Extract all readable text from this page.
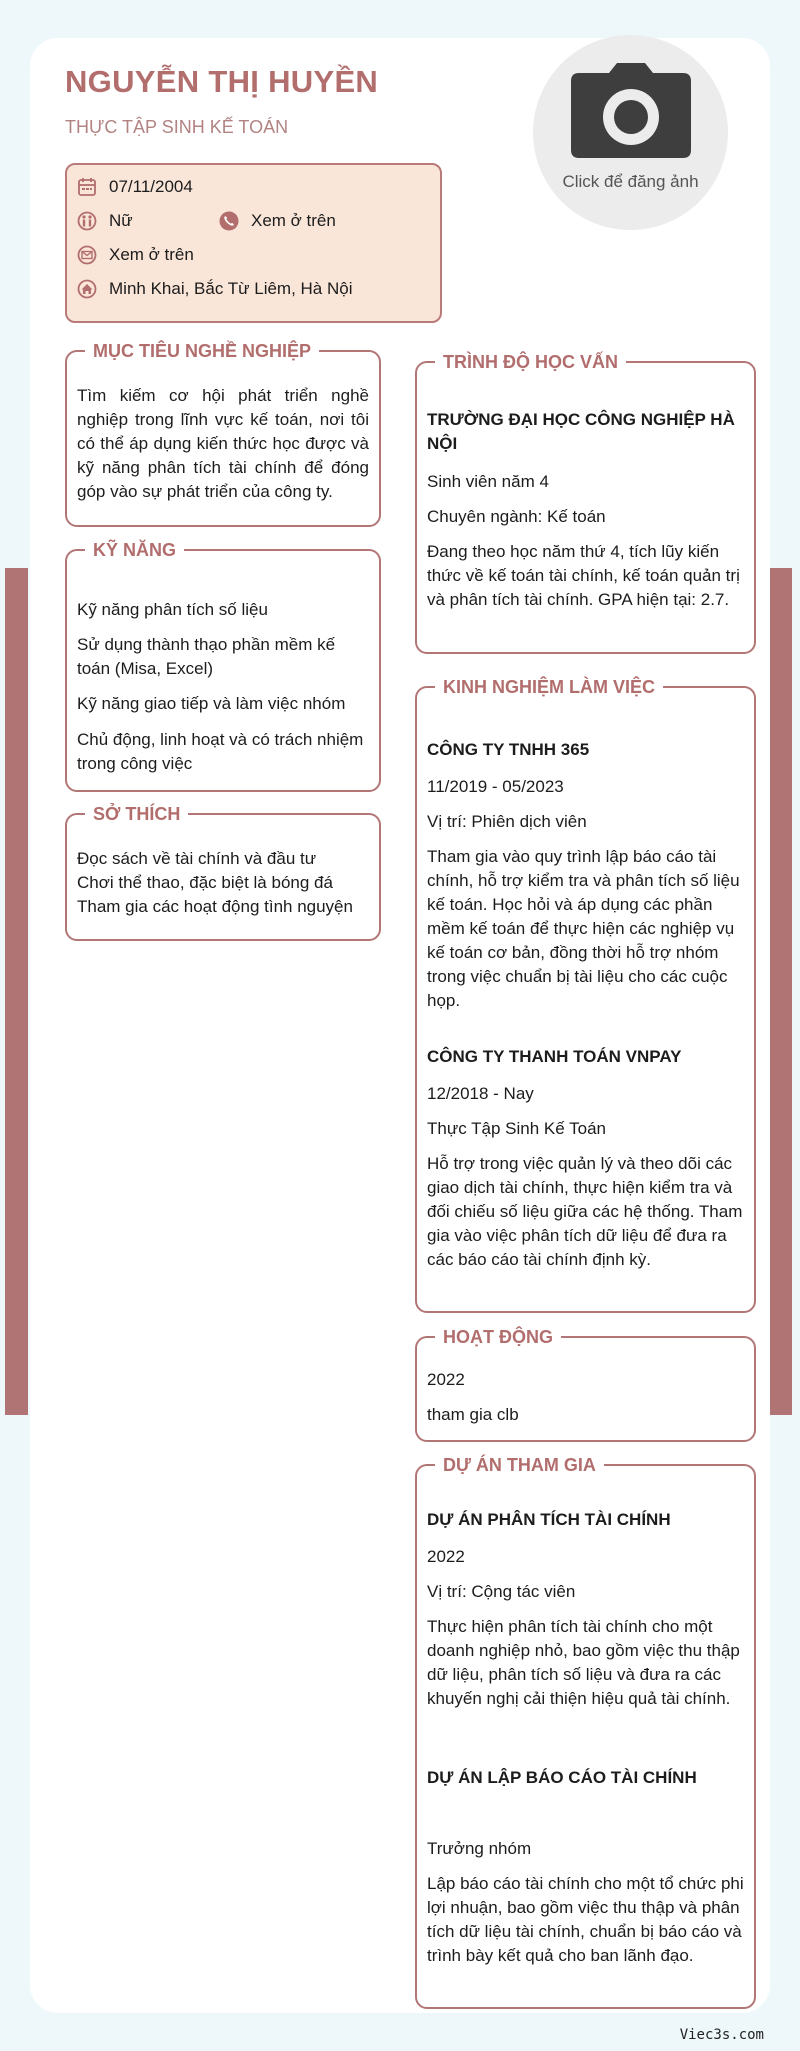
NGUYỄN THỊ HUYỀN
THỰC TẬP SINH KẾ TOÁN
Click để đăng ảnh
07/11/2004
Nữ	Xem ở trên
Xem ở trên
Minh Khai, Bắc Từ Liêm, Hà Nội
MỤC TIÊU NGHỀ NGHIỆP

Tìm kiếm cơ hội phát triển nghề nghiệp trong lĩnh vực kế toán, nơi tôi có thể áp dụng kiến thức học được và kỹ năng phân tích tài chính để đóng góp vào sự phát triển của công ty.

KỸ NĂNG

Kỹ năng phân tích số liệu

Sử dụng thành thạo phần mềm kế toán (Misa, Excel)

Kỹ năng giao tiếp và làm việc nhóm

Chủ động, linh hoạt và có trách nhiệm trong công việc

SỞ THÍCH

Đọc sách về tài chính và đầu tư

Chơi thể thao, đặc biệt là bóng đá

Tham gia các hoạt động tình nguyện

TRÌNH ĐỘ HỌC VẤN

TRƯỜNG ĐẠI HỌC CÔNG NGHIỆP HÀ NỘI

Sinh viên năm 4

Chuyên ngành: Kế toán

Đang theo học năm thứ 4, tích lũy kiến thức về kế toán tài chính, kế toán quản trị và phân tích tài chính. GPA hiện tại: 2.7.

KINH NGHIỆM LÀM VIỆC

CÔNG TY TNHH 365

11/2019 - 05/2023

Vị trí: Phiên dịch viên

Tham gia vào quy trình lập báo cáo tài chính, hỗ trợ kiểm tra và phân tích số liệu kế toán. Học hỏi và áp dụng các phần mềm kế toán để thực hiện các nghiệp vụ kế toán cơ bản, đồng thời hỗ trợ nhóm trong việc chuẩn bị tài liệu cho các cuộc họp.

CÔNG TY THANH TOÁN VNPAY

12/2018 - Nay

Thực Tập Sinh Kế Toán

Hỗ trợ trong việc quản lý và theo dõi các giao dịch tài chính, thực hiện kiểm tra và đối chiếu số liệu giữa các hệ thống. Tham gia vào việc phân tích dữ liệu để đưa ra các báo cáo tài chính định kỳ.

HOẠT ĐỘNG

2022

tham gia clb

DỰ ÁN THAM GIA

DỰ ÁN PHÂN TÍCH TÀI CHÍNH

2022

Vị trí: Cộng tác viên

Thực hiện phân tích tài chính cho một doanh nghiệp nhỏ, bao gồm việc thu thập dữ liệu, phân tích số liệu và đưa ra các khuyến nghị cải thiện hiệu quả tài chính.

DỰ ÁN LẬP BÁO CÁO TÀI CHÍNH

Trưởng nhóm

Lập báo cáo tài chính cho một tổ chức phi lợi nhuận, bao gồm việc thu thập và phân tích dữ liệu tài chính, chuẩn bị báo cáo và trình bày kết quả cho ban lãnh đạo.

Viec3s.com
